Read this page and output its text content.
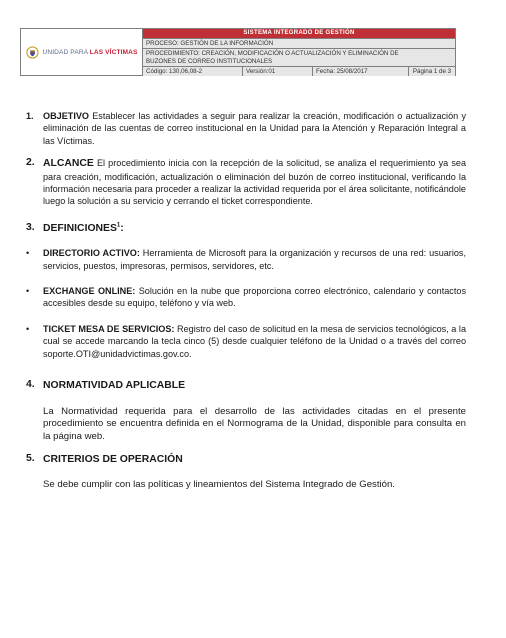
UNIDAD PARA LAS VÍCTIMAS
SISTEMA INTEGRADO DE GESTIÓN
PROCESO: GESTIÓN DE LA INFORMACIÓN
PROCEDIMIENTO: CREACIÓN, MODIFICACIÓN O ACTUALIZACIÓN Y ELIMINACIÓN DE
BUZONES DE CORREO INSTITUCIONALES
Código: 130,06,08-2	Versión:01	Fecha: 25/08/2017	Página 1 de 3
1.	OBJETIVO Establecer las actividades a seguir para realizar la creación, modificación o actualización y eliminación de las cuentas de correo institucional en la Unidad para la Atención y Reparación Integral a las Víctimas.
2. ALCANCE El procedimiento inicia con la recepción de la solicitud, se analiza el requerimiento ya sea para creación, modificación, actualización o eliminación del buzón de correo institucional, verificando la información necesaria para proceder a realizar la actividad requerida por el área solicitante, notificándole luego la solución a su servicio y cerrando el ticket correspondiente.
3. DEFINICIONES$^1$:
•	DIRECTORIO ACTIVO: Herramienta de Microsoft para la organización y recursos de una red: usuarios, servicios, puestos, impresoras, permisos, servidores, etc.
•	EXCHANGE ONLINE: Solución en la nube que proporciona correo electrónico, calendario y contactos accesibles desde su equipo, teléfono y vía web.
•	TICKET MESA DE SERVICIOS: Registro del caso de solicitud en la mesa de servicios tecnológicos, a la cual se accede marcando la tecla cinco (5) desde cualquier teléfono de la Unidad o a través del correo soporte.OTI@unidadvictimas.gov.co.
4. NORMATIVIDAD APLICABLE
La Normatividad requerida para el desarrollo de las actividades citadas en el presente procedimiento se encuentra definida en el Normograma de la Unidad, disponible para consulta en la página web.
5. CRITERIOS DE OPERACIÓN
Se debe cumplir con las políticas y lineamientos del Sistema Integrado de Gestión.
